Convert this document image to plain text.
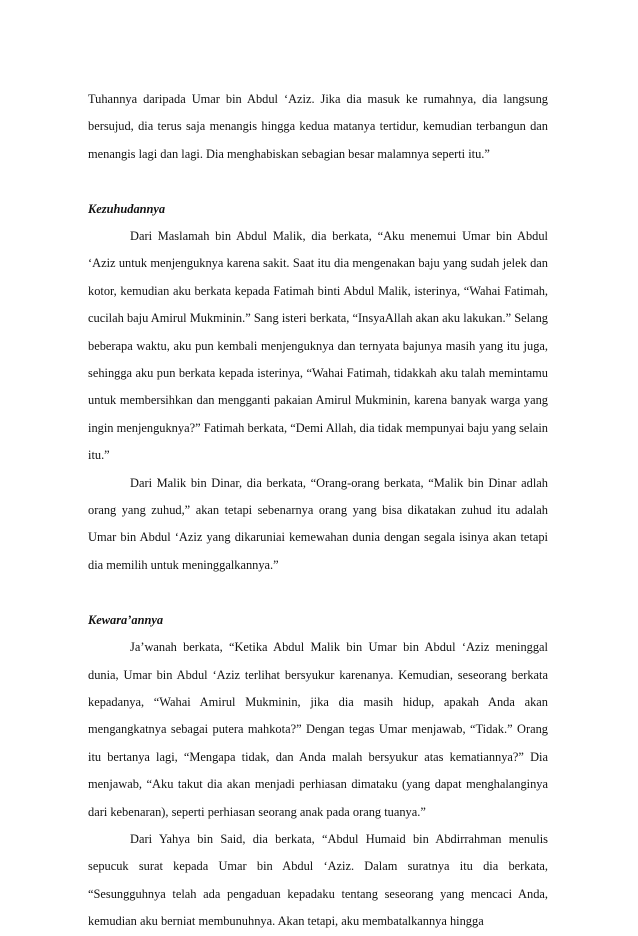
Tuhannya daripada Umar bin Abdul ‘Aziz. Jika dia masuk ke rumahnya, dia langsung bersujud, dia terus saja menangis hingga kedua matanya tertidur, kemudian terbangun dan menangis lagi dan lagi. Dia menghabiskan sebagian besar malamnya seperti itu.”

Kezuhudannya

Dari Maslamah bin Abdul Malik, dia berkata, “Aku menemui Umar bin Abdul ‘Aziz untuk menjenguknya karena sakit. Saat itu dia mengenakan baju yang sudah jelek dan kotor, kemudian aku berkata kepada Fatimah binti Abdul Malik, isterinya, “Wahai Fatimah, cucilah baju Amirul Mukminin.” Sang isteri berkata, “InsyaAllah akan aku lakukan.” Selang beberapa waktu, aku pun kembali menjenguknya dan ternyata bajunya masih yang itu juga, sehingga aku pun berkata kepada isterinya, “Wahai Fatimah, tidakkah aku talah memintamu untuk membersihkan dan mengganti pakaian Amirul Mukminin, karena banyak warga yang ingin menjenguknya?” Fatimah berkata, “Demi Allah, dia tidak mempunyai baju yang selain itu.”

Dari Malik bin Dinar, dia berkata, “Orang-orang berkata, “Malik bin Dinar adlah orang yang zuhud,” akan tetapi sebenarnya orang yang bisa dikatakan zuhud itu adalah Umar bin Abdul ‘Aziz yang dikaruniai kemewahan dunia dengan segala isinya akan tetapi dia memilih untuk meninggalkannya.”

Kewara’annya

Ja’wanah berkata, “Ketika Abdul Malik bin Umar bin Abdul ‘Aziz meninggal dunia, Umar bin Abdul ‘Aziz terlihat bersyukur karenanya. Kemudian, seseorang berkata kepadanya, “Wahai Amirul Mukminin, jika dia masih hidup, apakah Anda akan mengangkatnya sebagai putera mahkota?” Dengan tegas Umar menjawab, “Tidak.” Orang itu bertanya lagi, “Mengapa tidak, dan Anda malah bersyukur atas kematiannya?” Dia menjawab, “Aku takut dia akan menjadi perhiasan dimataku (yang dapat menghalanginya dari kebenaran), seperti perhiasan seorang anak pada orang tuanya.”

Dari Yahya bin Said, dia berkata, “Abdul Humaid bin Abdirrahman menulis sepucuk surat kepada Umar bin Abdul ‘Aziz. Dalam suratnya itu dia berkata, “Sesungguhnya telah ada pengaduan kepadaku tentang seseorang yang mencaci Anda, kemudian aku berniat membunuhnya. Akan tetapi, aku membatalkannya hingga
